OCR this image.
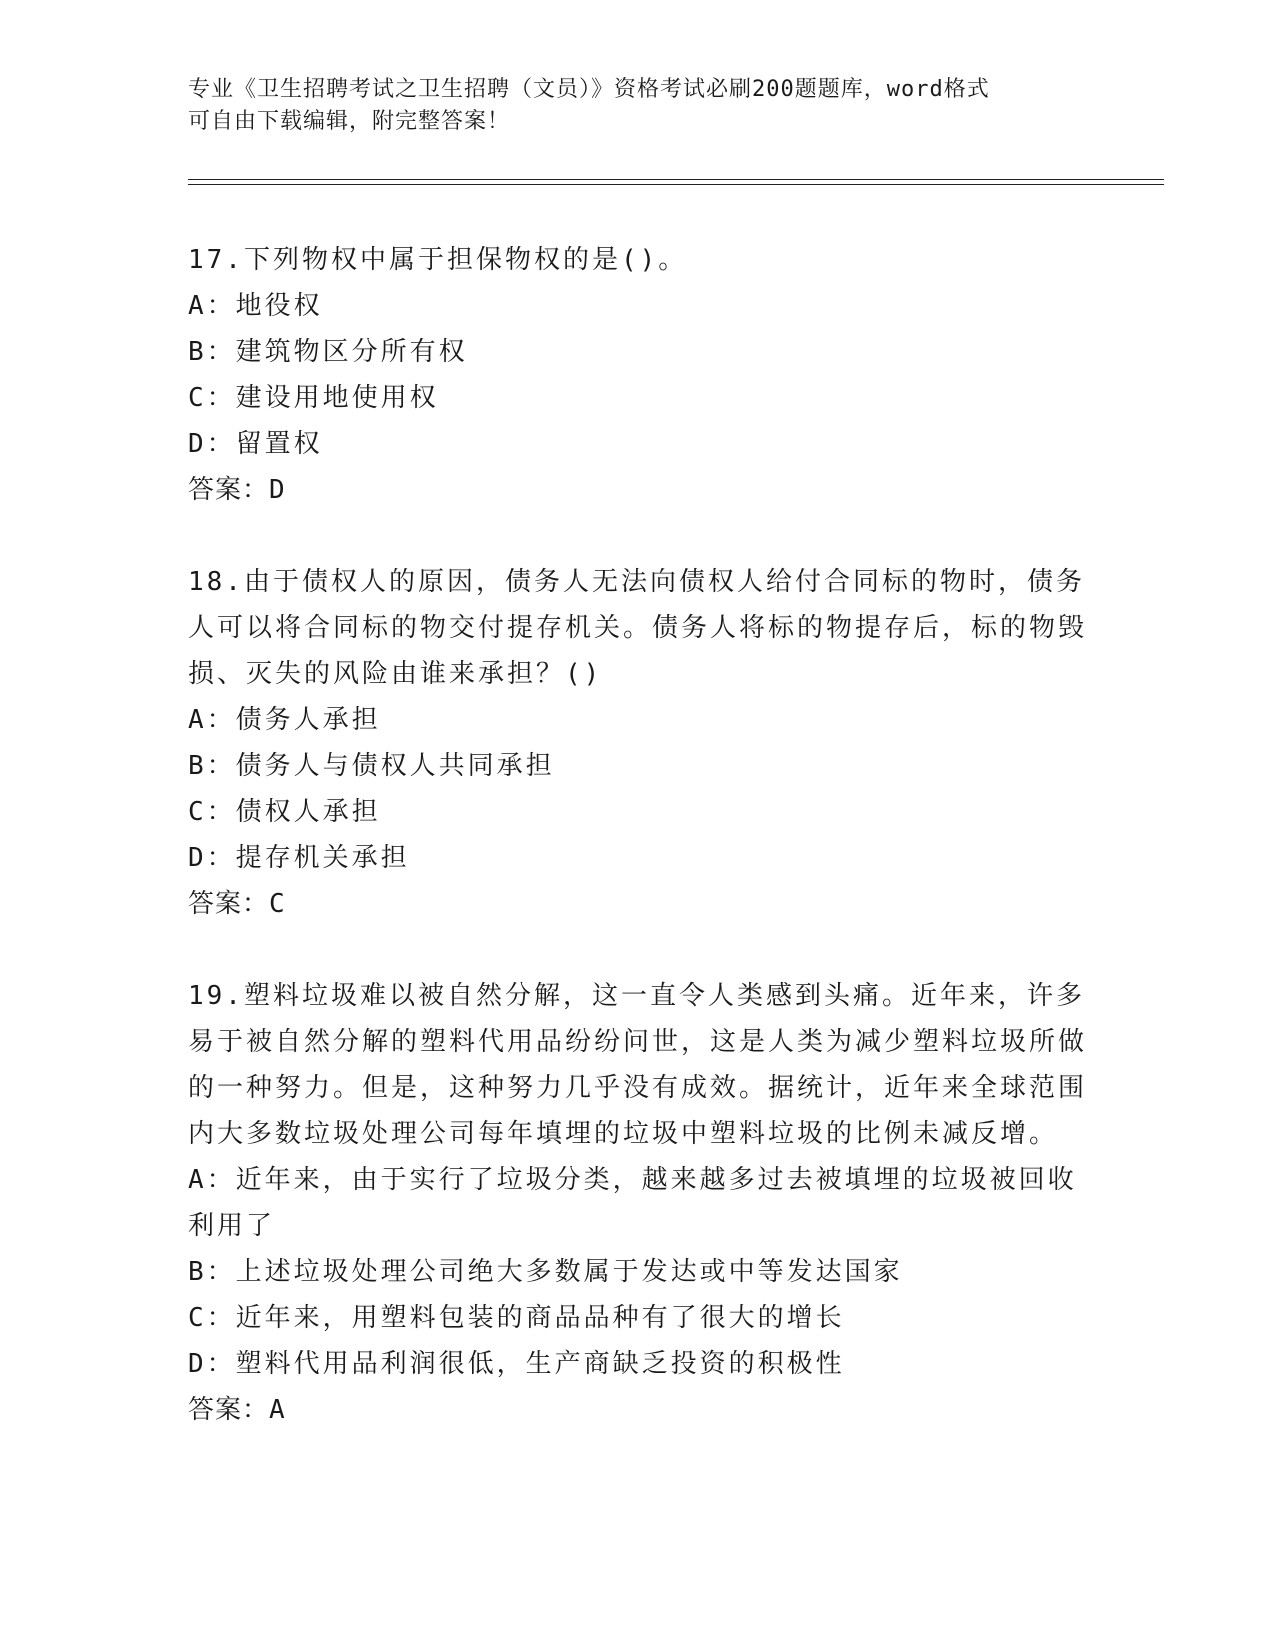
专业《卫生招聘考试之卫生招聘（文员）》资格考试必刷200题题库，word格式
可自由下载编辑，附完整答案！
17.下列物权中属于担保物权的是()。
A：地役权
B：建筑物区分所有权
C：建设用地使用权
D：留置权
答案：D
18.由于债权人的原因，债务人无法向债权人给付合同标的物时，债务人可以将合同标的物交付提存机关。债务人将标的物提存后，标的物毁损、灭失的风险由谁来承担？()
A：债务人承担
B：债务人与债权人共同承担
C：债权人承担
D：提存机关承担
答案：C
19.塑料垃圾难以被自然分解，这一直令人类感到头痛。近年来，许多易于被自然分解的塑料代用品纷纷问世，这是人类为减少塑料垃圾所做的一种努力。但是，这种努力几乎没有成效。据统计，近年来全球范围内大多数垃圾处理公司每年填埋的垃圾中塑料垃圾的比例未减反增。
A：近年来，由于实行了垃圾分类，越来越多过去被填埋的垃圾被回收利用了
B：上述垃圾处理公司绝大多数属于发达或中等发达国家
C：近年来，用塑料包装的商品品种有了很大的增长
D：塑料代用品利润很低，生产商缺乏投资的积极性
答案：A
